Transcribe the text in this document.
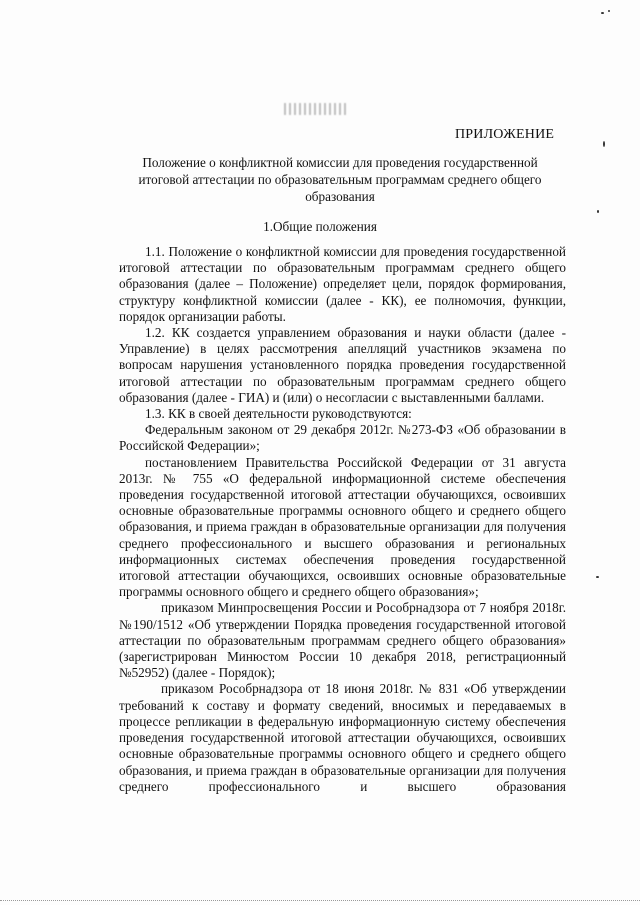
ПРИЛОЖЕНИЕ
Положение о конфликтной комиссии для проведения государственной итоговой аттестации по образовательным программам среднего общего образования
1.Общие положения

1.1. Положение о конфликтной комиссии для проведения государственной итоговой аттестации по образовательным программам среднего общего образования (далее – Положение) определяет цели, порядок формирования, структуру конфликтной комиссии (далее - КК), ее полномочия, функции, порядок организации работы.

1.2. КК создается управлением образования и науки области (далее - Управление) в целях рассмотрения апелляций участников экзамена по вопросам нарушения установленного порядка проведения государственной итоговой аттестации по образовательным программам среднего общего образования (далее - ГИА) и (или) о несогласии с выставленными баллами.

1.3. КК в своей деятельности руководствуются:

Федеральным законом от 29 декабря 2012г. №273-ФЗ «Об образовании в Российской Федерации»;

постановлением Правительства Российской Федерации от 31 августа 2013г. № 755 «О федеральной информационной системе обеспечения проведения государственной итоговой аттестации обучающихся, освоивших основные образовательные программы основного общего и среднего общего образования, и приема граждан в образовательные организации для получения среднего профессионального и высшего образования и региональных информационных системах обеспечения проведения государственной итоговой аттестации обучающихся, освоивших основные образовательные программы основного общего и среднего общего образования»;

приказом Минпросвещения России и Рособрнадзора от 7 ноября 2018г. №190/1512 «Об утверждении Порядка проведения государственной итоговой аттестации по образовательным программам среднего общего образования» (зарегистрирован Минюстом России 10 декабря 2018, регистрационный №52952) (далее - Порядок);

приказом Рособрнадзора от 18 июня 2018г. № 831 «Об утверждении требований к составу и формату сведений, вносимых и передаваемых в процессе репликации в федеральную информационную систему обеспечения проведения государственной итоговой аттестации обучающихся, освоивших основные образовательные программы основного общего и среднего общего образования, и приема граждан в образовательные организации для получения среднего профессионального и высшего образования
